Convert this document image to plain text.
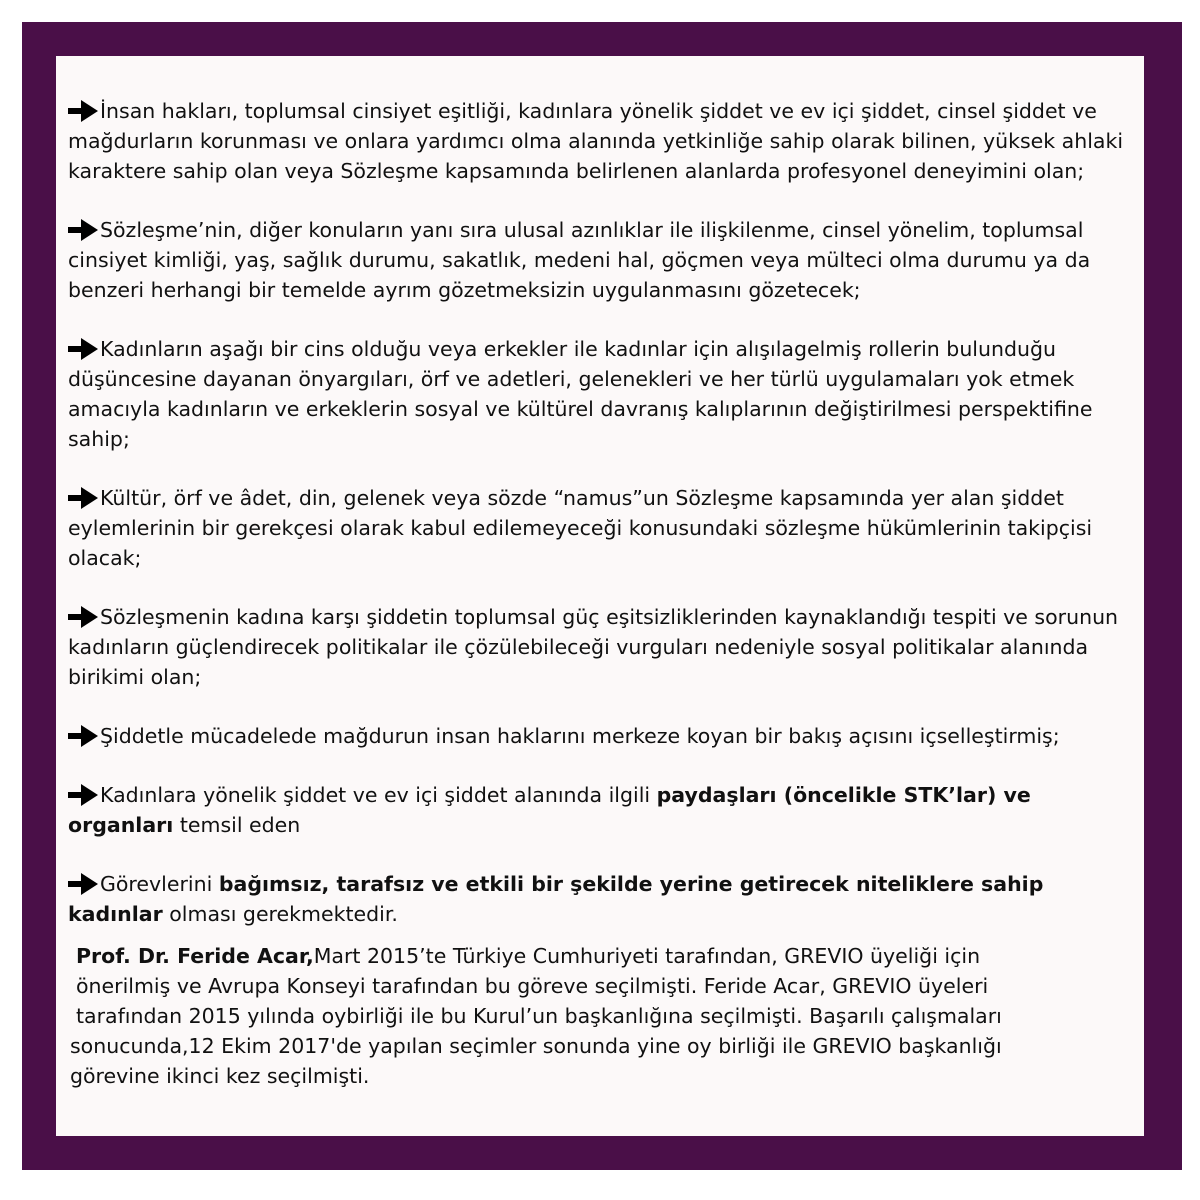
İnsan hakları, toplumsal cinsiyet eşitliği, kadınlara yönelik şiddet ve ev içi şiddet, cinsel şiddet ve mağdurların korunması ve onlara yardımcı olma alanında yetkinliğe sahip olarak bilinen, yüksek ahlaki karaktere sahip olan veya Sözleşme kapsamında belirlenen alanlarda profesyonel deneyimini olan;
Sözleşme’nin, diğer konuların yanı sıra ulusal azınlıklar ile ilişkilenme, cinsel yönelim, toplumsal cinsiyet kimliği, yaş, sağlık durumu, sakatlık, medeni hal, göçmen veya mülteci olma durumu ya da benzeri herhangi bir temelde ayrım gözetmeksizin uygulanmasını gözetecek;
Kadınların aşağı bir cins olduğu veya erkekler ile kadınlar için alışılagelmiş rollerin bulunduğu düşüncesine dayanan önyargıları, örf ve adetleri, gelenekleri ve her türlü uygulamaları yok etmek amacıyla kadınların ve erkeklerin sosyal ve kültürel davranış kalıplarının değiştirilmesi perspektifine sahip;
Kültür, örf ve âdet, din, gelenek veya sözde “namus”un Sözleşme kapsamında yer alan şiddet eylemlerinin bir gerekçesi olarak kabul edilemeyeceği konusundaki sözleşme hükümlerinin takipçisi olacak;
Sözleşmenin kadına karşı şiddetin toplumsal güç eşitsizliklerinden kaynaklandığı tespiti ve sorunun kadınların güçlendirecek politikalar ile çözülebileceği vurguları nedeniyle sosyal politikalar alanında birikimi olan;
Şiddetle mücadelede mağdurun insan haklarını merkeze koyan bir bakış açısını içselleştirmiş;
Kadınlara yönelik şiddet ve ev içi şiddet alanında ilgili paydaşları (öncelikle STK’lar) ve organları temsil eden
Görevlerini bağımsız, tarafsız ve etkili bir şekilde yerine getirecek niteliklere sahip kadınlar olması gerekmektedir.
Prof. Dr. Feride Acar,Mart 2015’te Türkiye Cumhuriyeti tarafından, GREVIO üyeliği için
önerilmiş ve Avrupa Konseyi tarafından bu göreve seçilmişti. Feride Acar, GREVIO üyeleri
tarafından 2015 yılında oybirliği ile bu Kurul’un başkanlığına seçilmişti. Başarılı çalışmaları
sonucunda,12 Ekim 2017'de yapılan seçimler sonunda yine oy birliği ile GREVIO başkanlığı
görevine ikinci kez seçilmişti.
